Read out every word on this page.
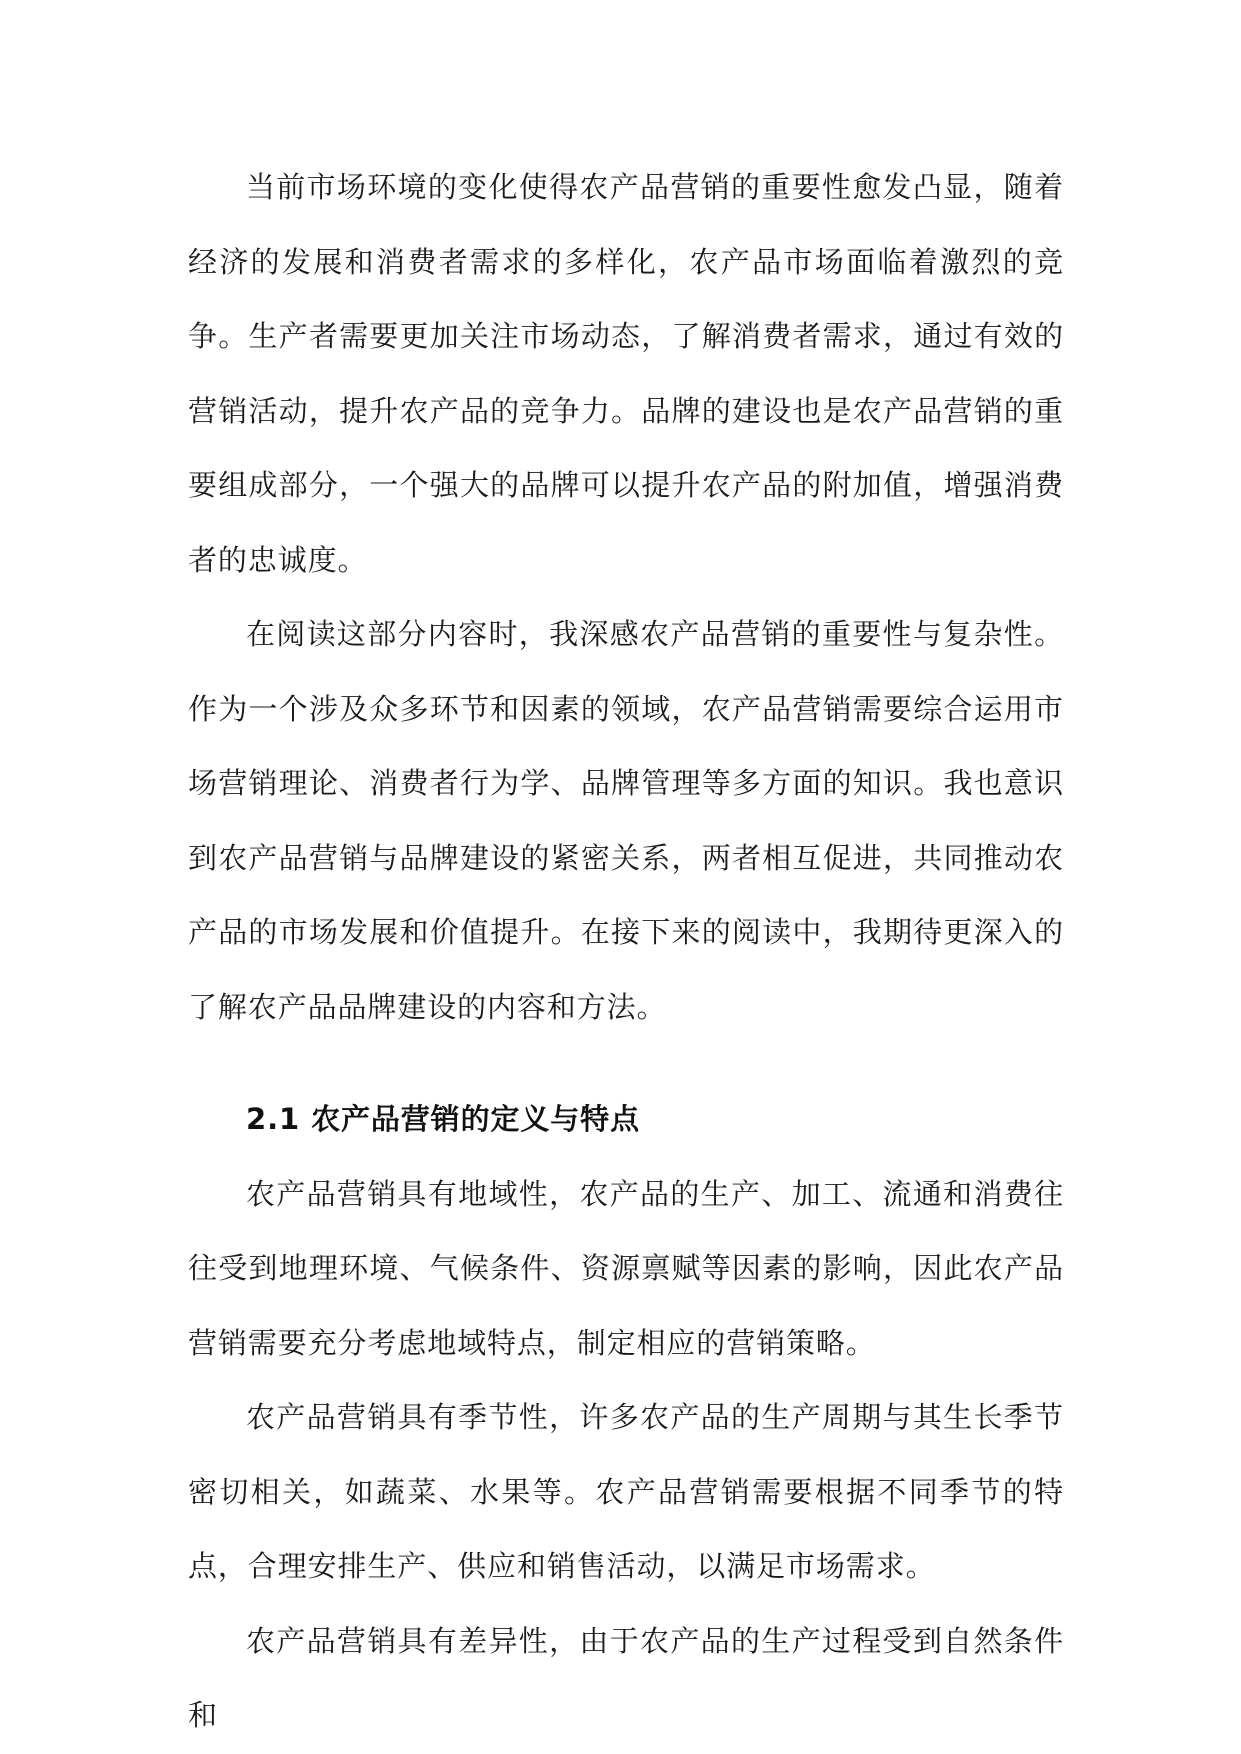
当前市场环境的变化使得农产品营销的重要性愈发凸显，随着经济的发展和消费者需求的多样化，农产品市场面临着激烈的竞争。生产者需要更加关注市场动态，了解消费者需求，通过有效的营销活动，提升农产品的竞争力。品牌的建设也是农产品营销的重要组成部分，一个强大的品牌可以提升农产品的附加值，增强消费者的忠诚度。

在阅读这部分内容时，我深感农产品营销的重要性与复杂性。作为一个涉及众多环节和因素的领域，农产品营销需要综合运用市场营销理论、消费者行为学、品牌管理等多方面的知识。我也意识到农产品营销与品牌建设的紧密关系，两者相互促进，共同推动农产品的市场发展和价值提升。在接下来的阅读中，我期待更深入的了解农产品品牌建设的内容和方法。

2.1 农产品营销的定义与特点

农产品营销具有地域性，农产品的生产、加工、流通和消费往往受到地理环境、气候条件、资源禀赋等因素的影响，因此农产品营销需要充分考虑地域特点，制定相应的营销策略。

农产品营销具有季节性，许多农产品的生产周期与其生长季节密切相关，如蔬菜、水果等。农产品营销需要根据不同季节的特点，合理安排生产、供应和销售活动，以满足市场需求。

农产品营销具有差异性，由于农产品的生产过程受到自然条件和
